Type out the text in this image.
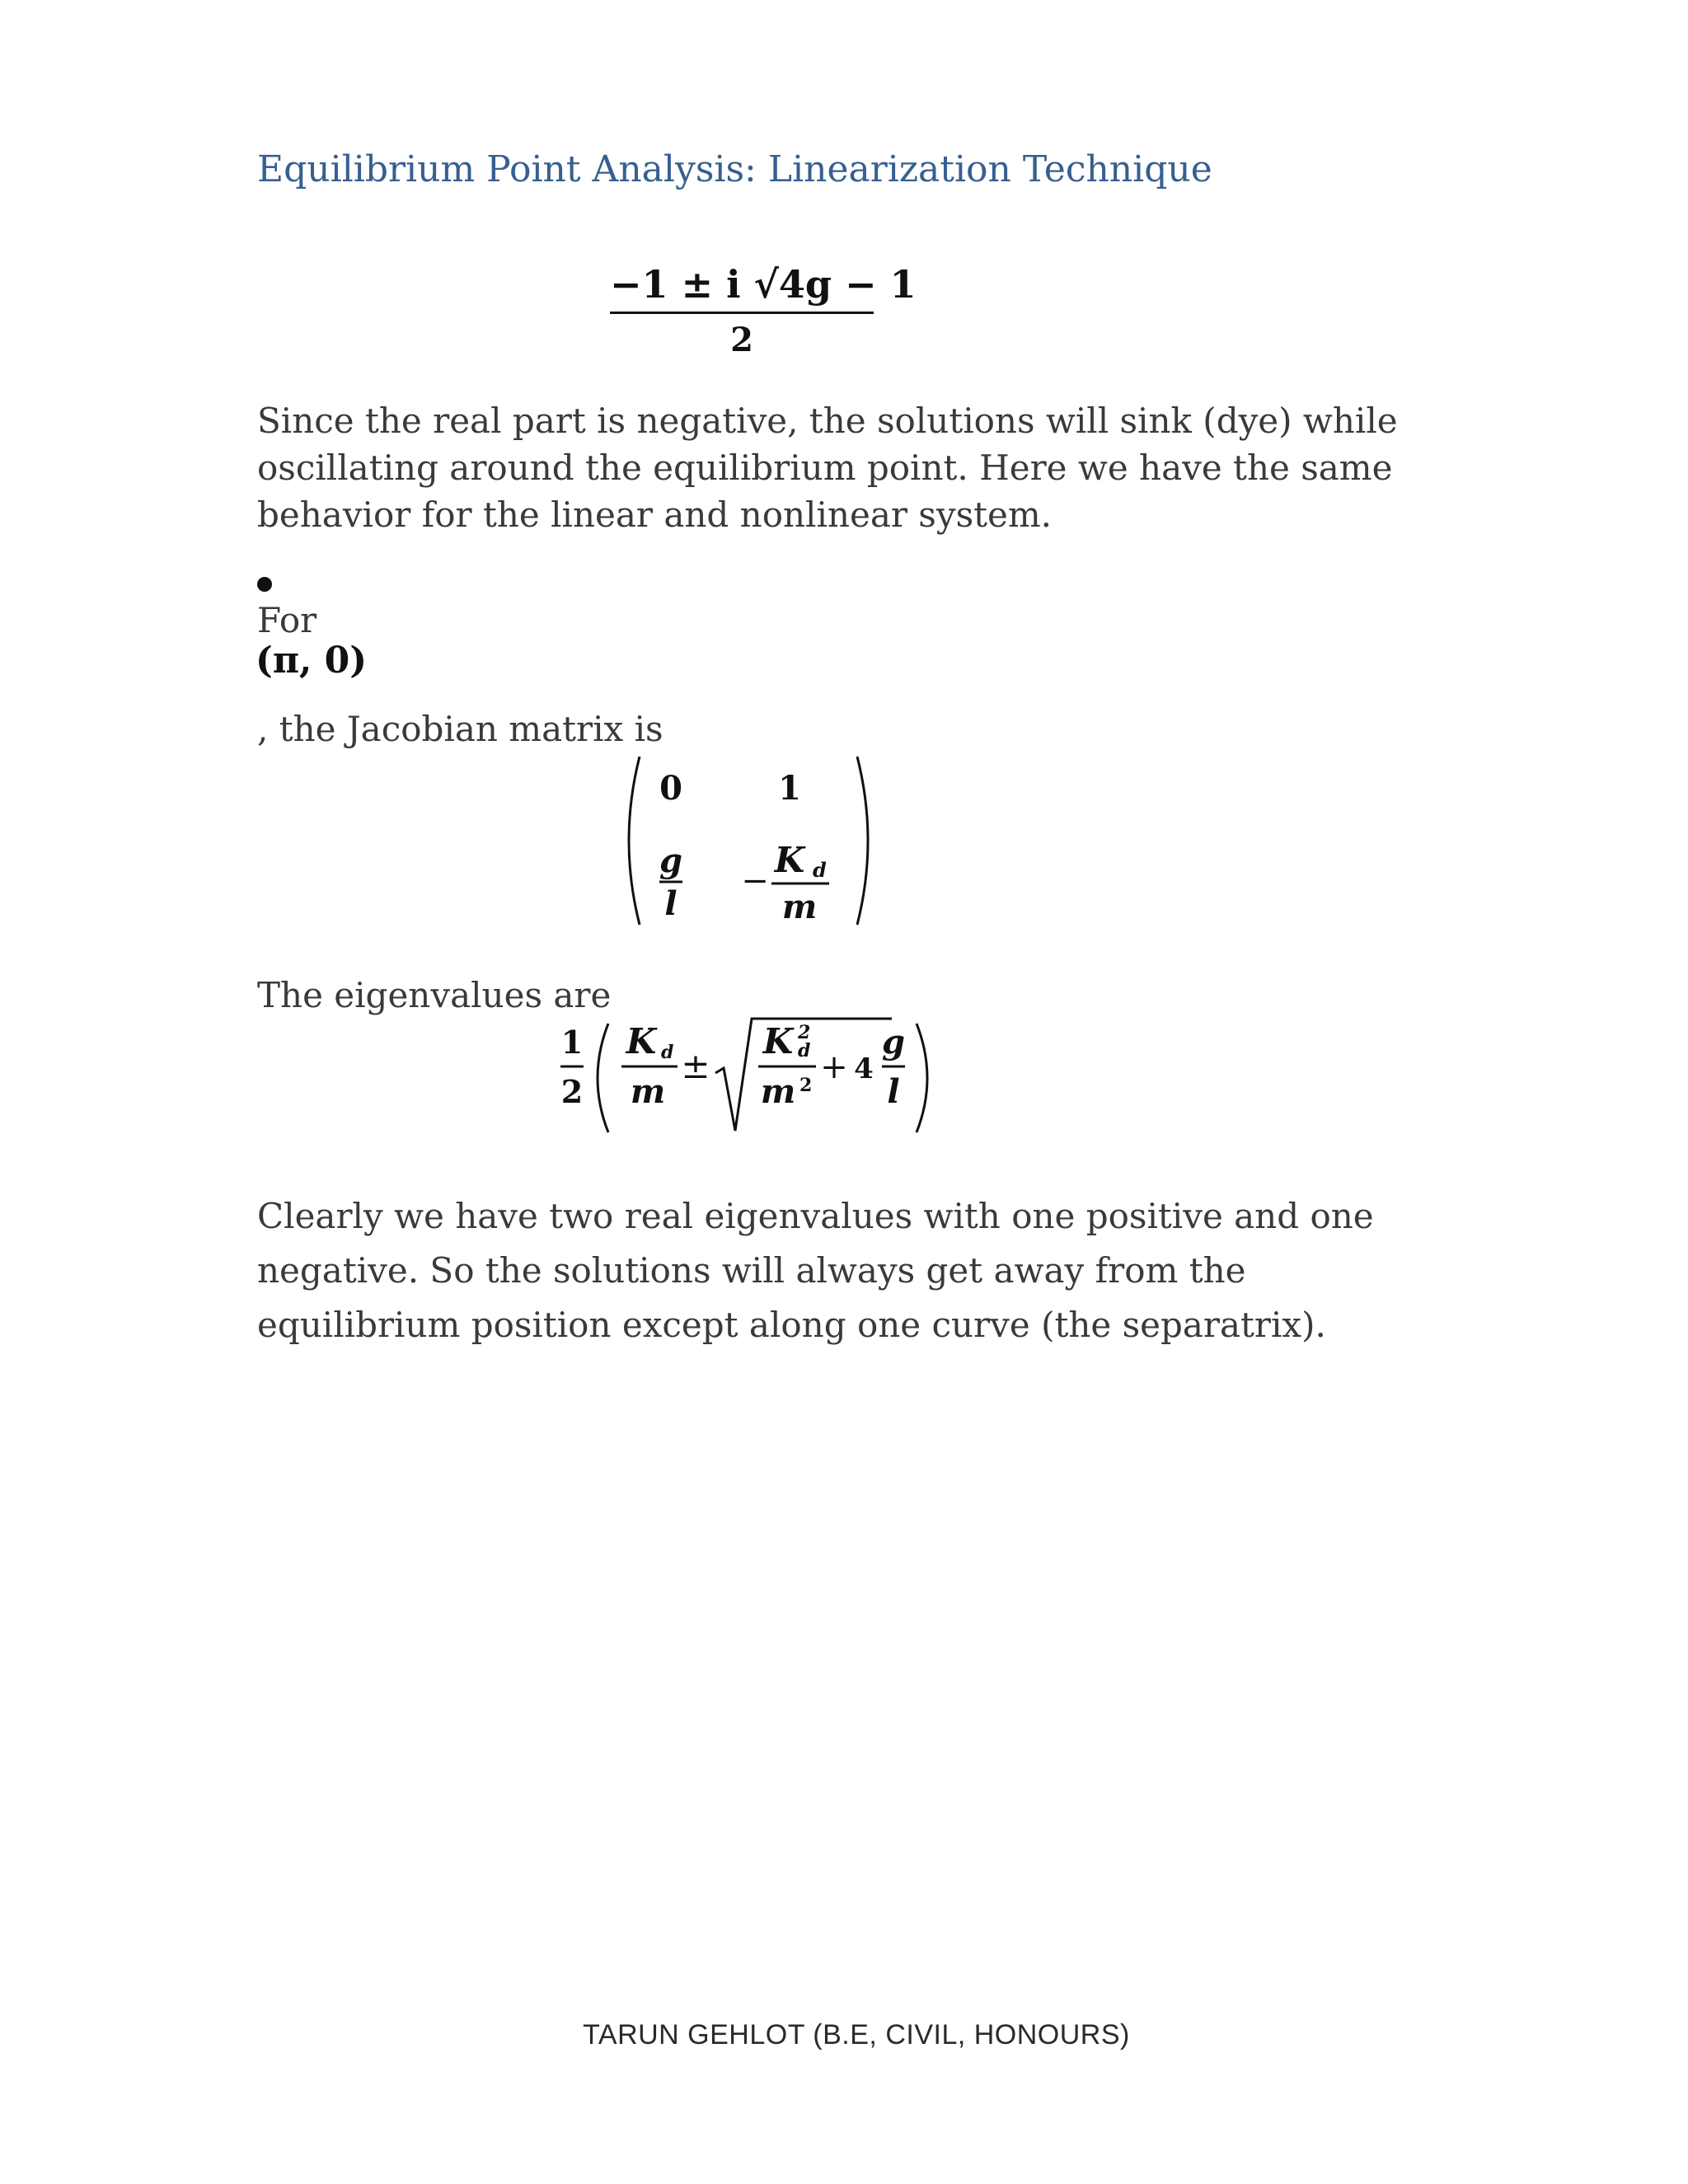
Equilibrium Point Analysis: Linearization Technique
−1 ± i √4g − 1
2
Since the real part is negative, the solutions will sink (dye) while oscillating around the equilibrium point. Here we have the same behavior for the linear and nonlinear system.
For
(π, 0)
, the Jacobian matrix is
0	1
g
l
−
K d
m
The eigenvalues are
1
2
K d
m
±
K 2
d
m 2 + 4
g
l
Clearly we have two real eigenvalues with one positive and one negative. So the solutions will always get away from the equilibrium position except along one curve (the separatrix).
TARUN GEHLOT (B.E, CIVIL, HONOURS)
